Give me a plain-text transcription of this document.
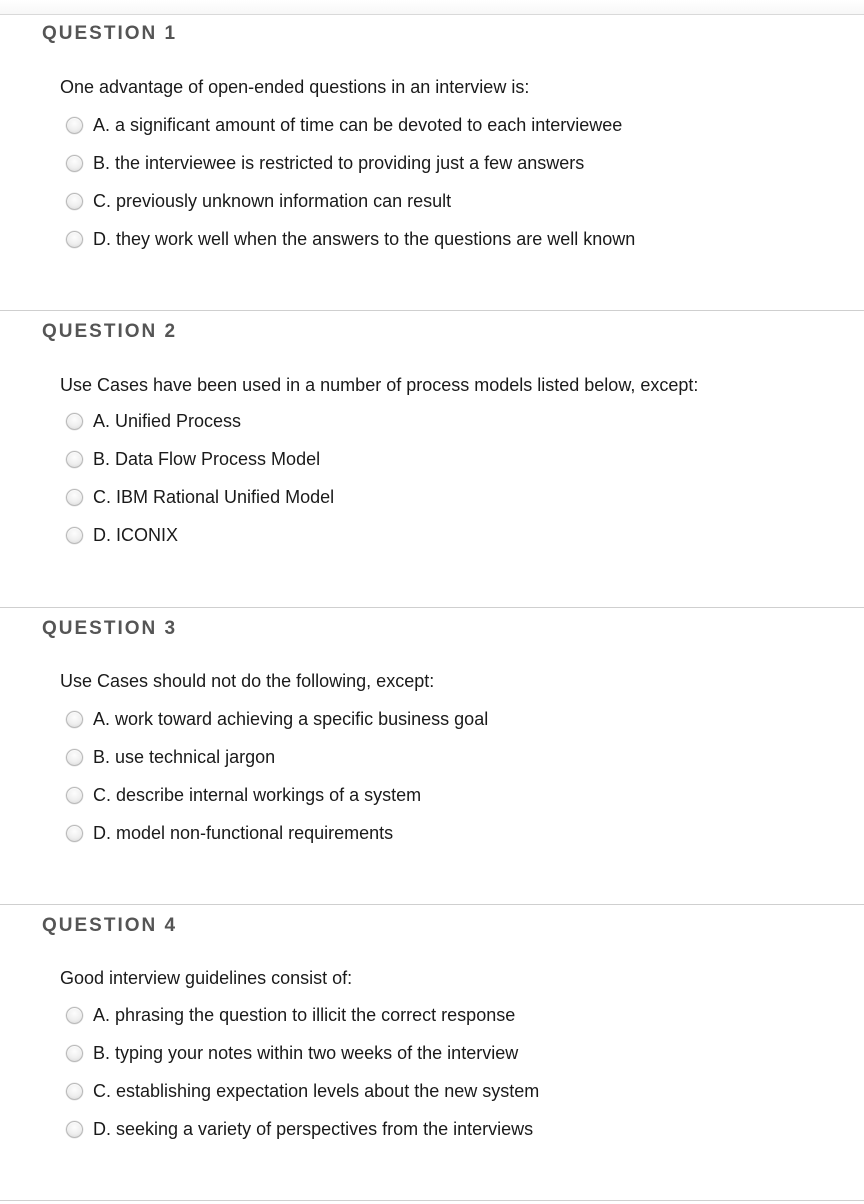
QUESTION 1
One advantage of open-ended questions in an interview is:
A. a significant amount of time can be devoted to each interviewee
B. the interviewee is restricted to providing just a few answers
C. previously unknown information can result
D. they work well when the answers to the questions are well known
QUESTION 2
Use Cases have been used in a number of process models listed below, except:
A. Unified Process
B. Data Flow Process Model
C. IBM Rational Unified Model
D. ICONIX
QUESTION 3
Use Cases should not do the following, except:
A. work toward achieving a specific business goal
B. use technical jargon
C. describe internal workings of a system
D. model non-functional requirements
QUESTION 4
Good interview guidelines consist of:
A. phrasing the question to illicit the correct response
B. typing your notes within two weeks of the interview
C. establishing expectation levels about the new system
D. seeking a variety of perspectives from the interviews
